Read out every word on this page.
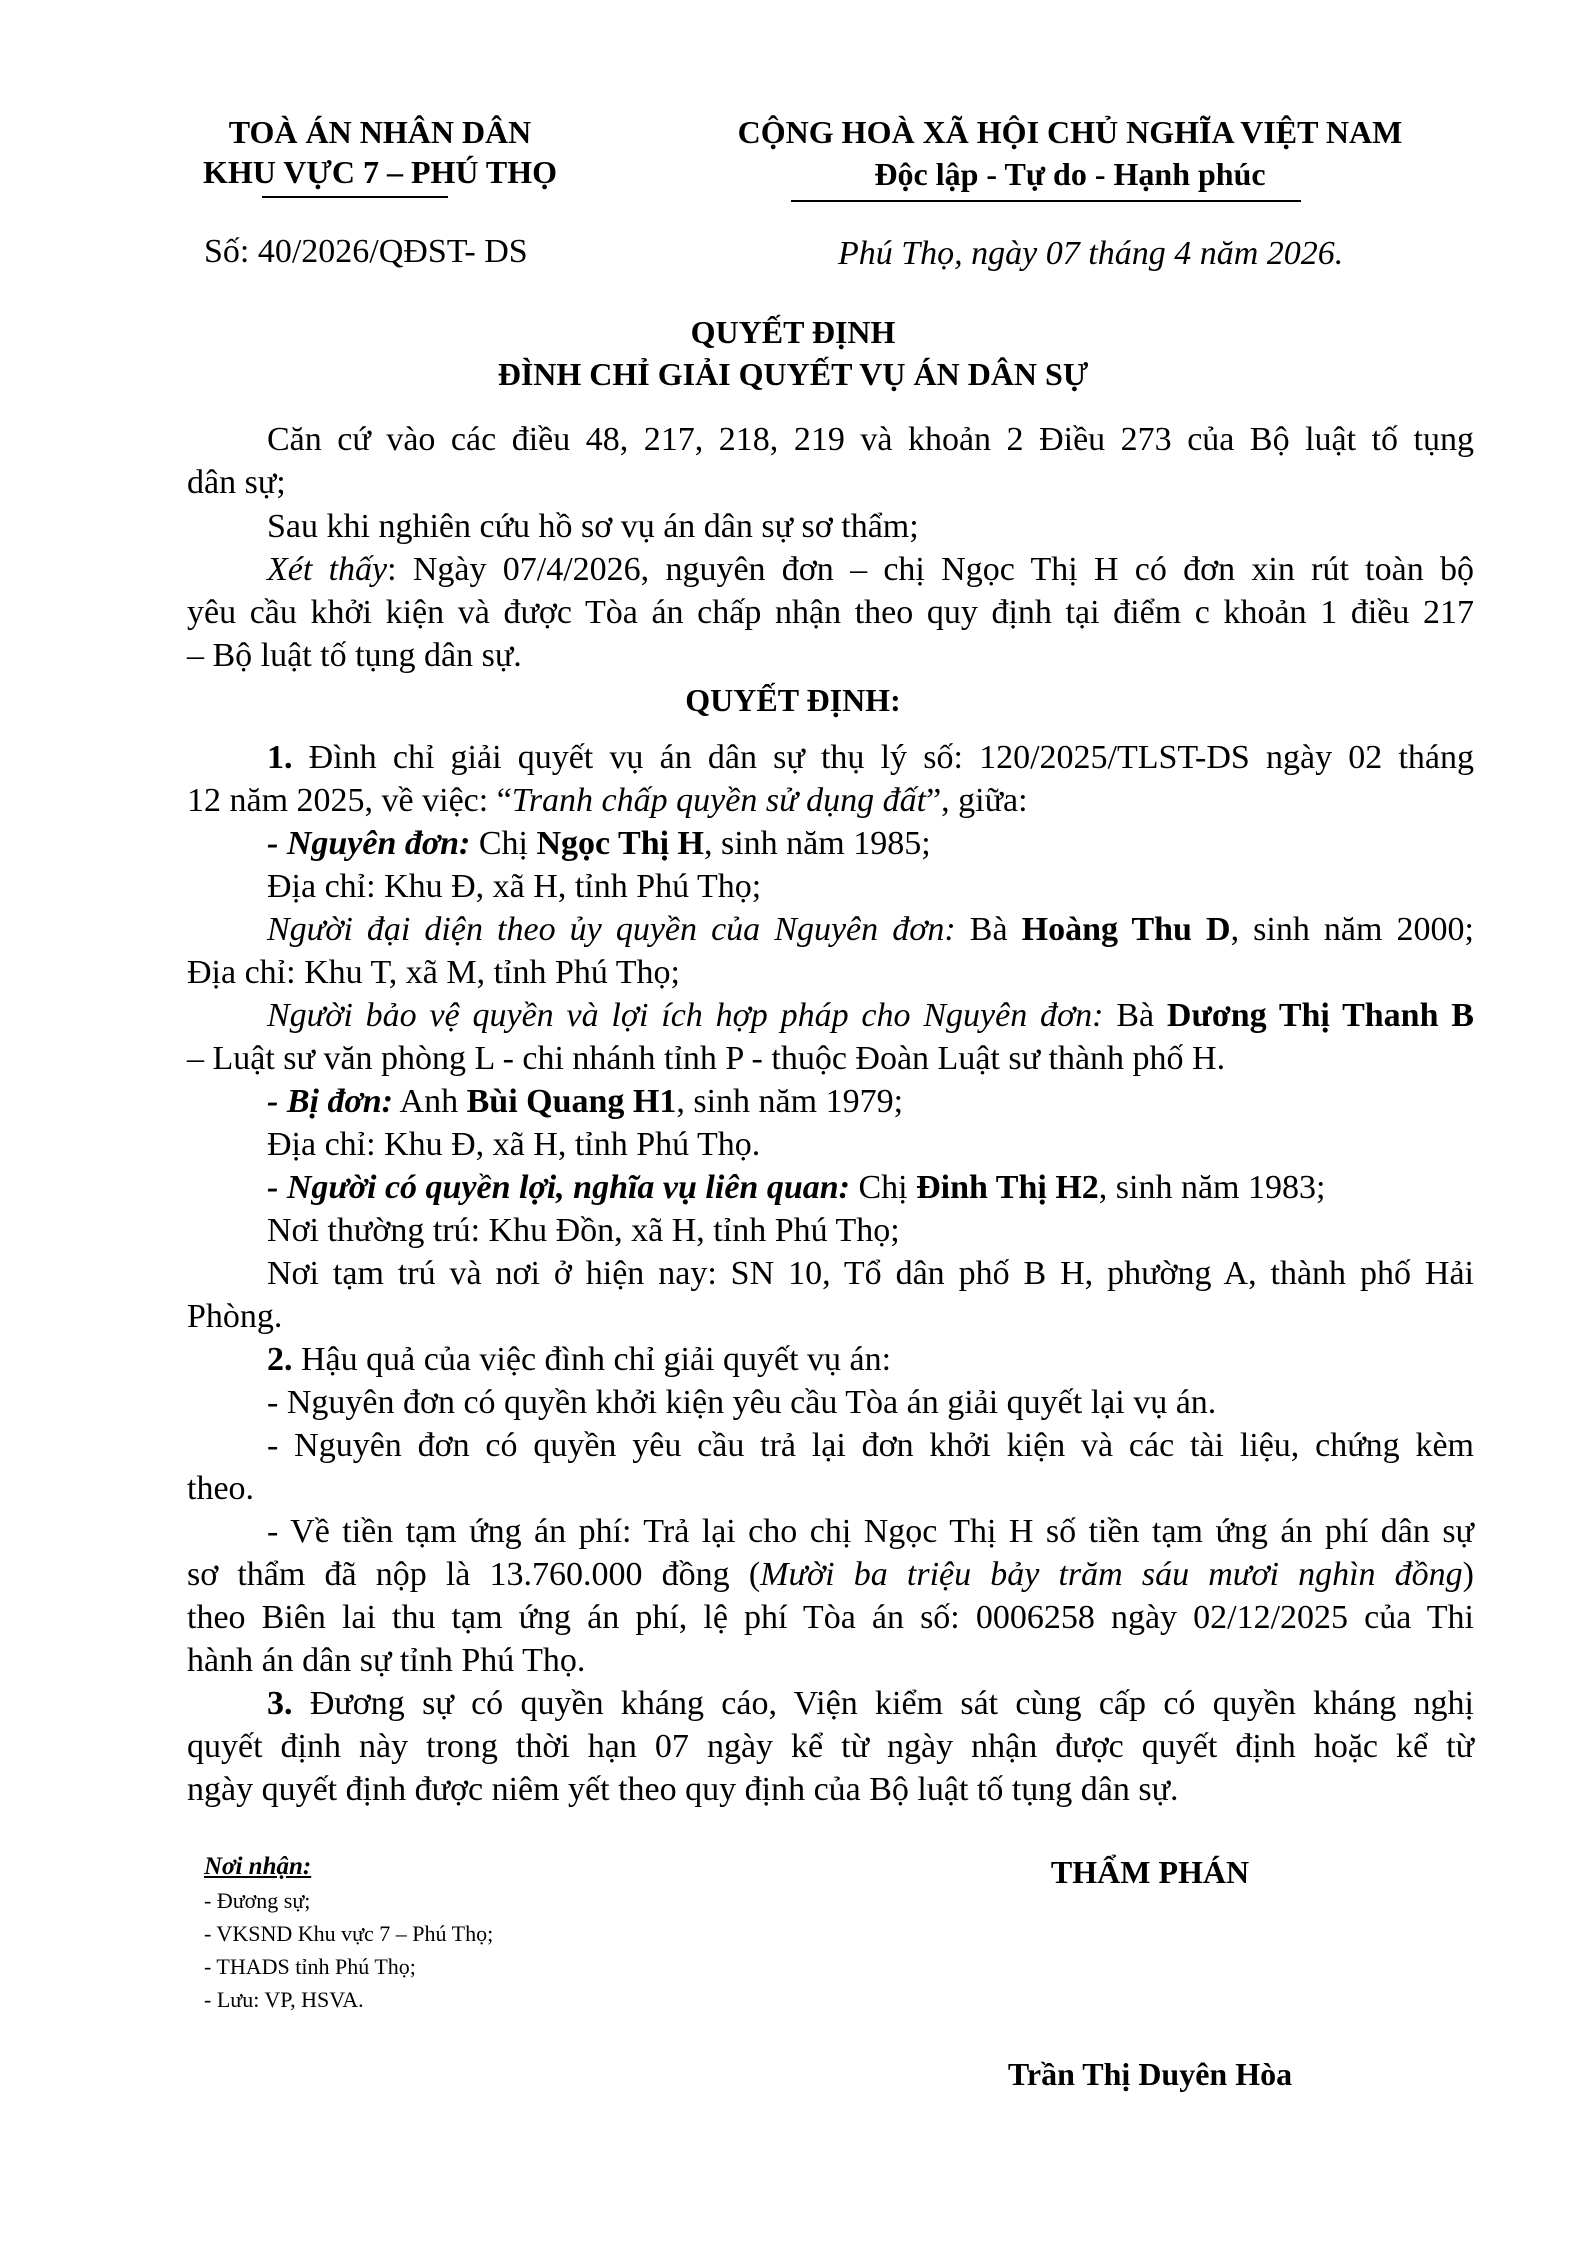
TOÀ ÁN NHÂN DÂN
KHU VỰC 7 – PHÚ THỌ
Số: 40/2026/QĐST- DS
CỘNG HOÀ XÃ HỘI CHỦ NGHĨA VIỆT NAM
Độc lập - Tự do - Hạnh phúc
Phú Thọ, ngày 07 tháng 4 năm 2026.
QUYẾT ĐỊNH
ĐÌNH CHỈ GIẢI QUYẾT VỤ ÁN DÂN SỰ
Căn cứ vào các điều 48, 217, 218, 219 và khoản 2 Điều 273 của Bộ luật tố tụng
dân sự;
Sau khi nghiên cứu hồ sơ vụ án dân sự sơ thẩm;
Xét thấy: Ngày 07/4/2026, nguyên đơn – chị Ngọc Thị H có đơn xin rút toàn bộ
yêu cầu khởi kiện và được Tòa án chấp nhận theo quy định tại điểm c khoản 1 điều 217
– Bộ luật tố tụng dân sự.
QUYẾT ĐỊNH:
1. Đình chỉ giải quyết vụ án dân sự thụ lý số: 120/2025/TLST-DS ngày 02 tháng
12 năm 2025, về việc: “Tranh chấp quyền sử dụng đất”, giữa:
- Nguyên đơn: Chị Ngọc Thị H, sinh năm 1985;
Địa chỉ: Khu Đ, xã H, tỉnh Phú Thọ;
Người đại diện theo ủy quyền của Nguyên đơn: Bà Hoàng Thu D, sinh năm 2000;
Địa chỉ: Khu T, xã M, tỉnh Phú Thọ;
Người bảo vệ quyền và lợi ích hợp pháp cho Nguyên đơn: Bà Dương Thị Thanh B
– Luật sư văn phòng L - chi nhánh tỉnh P - thuộc Đoàn Luật sư thành phố H.
- Bị đơn: Anh Bùi Quang H1, sinh năm 1979;
Địa chỉ: Khu Đ, xã H, tỉnh Phú Thọ.
- Người có quyền lợi, nghĩa vụ liên quan: Chị Đinh Thị H2, sinh năm 1983;
Nơi thường trú: Khu Đồn, xã H, tỉnh Phú Thọ;
Nơi tạm trú và nơi ở hiện nay: SN 10, Tổ dân phố B H, phường A, thành phố Hải
Phòng.
2. Hậu quả của việc đình chỉ giải quyết vụ án:
- Nguyên đơn có quyền khởi kiện yêu cầu Tòa án giải quyết lại vụ án.
- Nguyên đơn có quyền yêu cầu trả lại đơn khởi kiện và các tài liệu, chứng kèm
theo.
- Về tiền tạm ứng án phí: Trả lại cho chị Ngọc Thị H số tiền tạm ứng án phí dân sự
sơ thẩm đã nộp là 13.760.000 đồng (Mười ba triệu bảy trăm sáu mươi nghìn đồng)
theo Biên lai thu tạm ứng án phí, lệ phí Tòa án số: 0006258 ngày 02/12/2025 của Thi
hành án dân sự tỉnh Phú Thọ.
3. Đương sự có quyền kháng cáo, Viện kiểm sát cùng cấp có quyền kháng nghị
quyết định này trong thời hạn 07 ngày kể từ ngày nhận được quyết định hoặc kể từ
ngày quyết định được niêm yết theo quy định của Bộ luật tố tụng dân sự.
Nơi nhận:
- Đương sự;
- VKSND Khu vực 7 – Phú Thọ;
- THADS tỉnh Phú Thọ;
- Lưu: VP, HSVA.
THẨM PHÁN
Trần Thị Duyên Hòa
